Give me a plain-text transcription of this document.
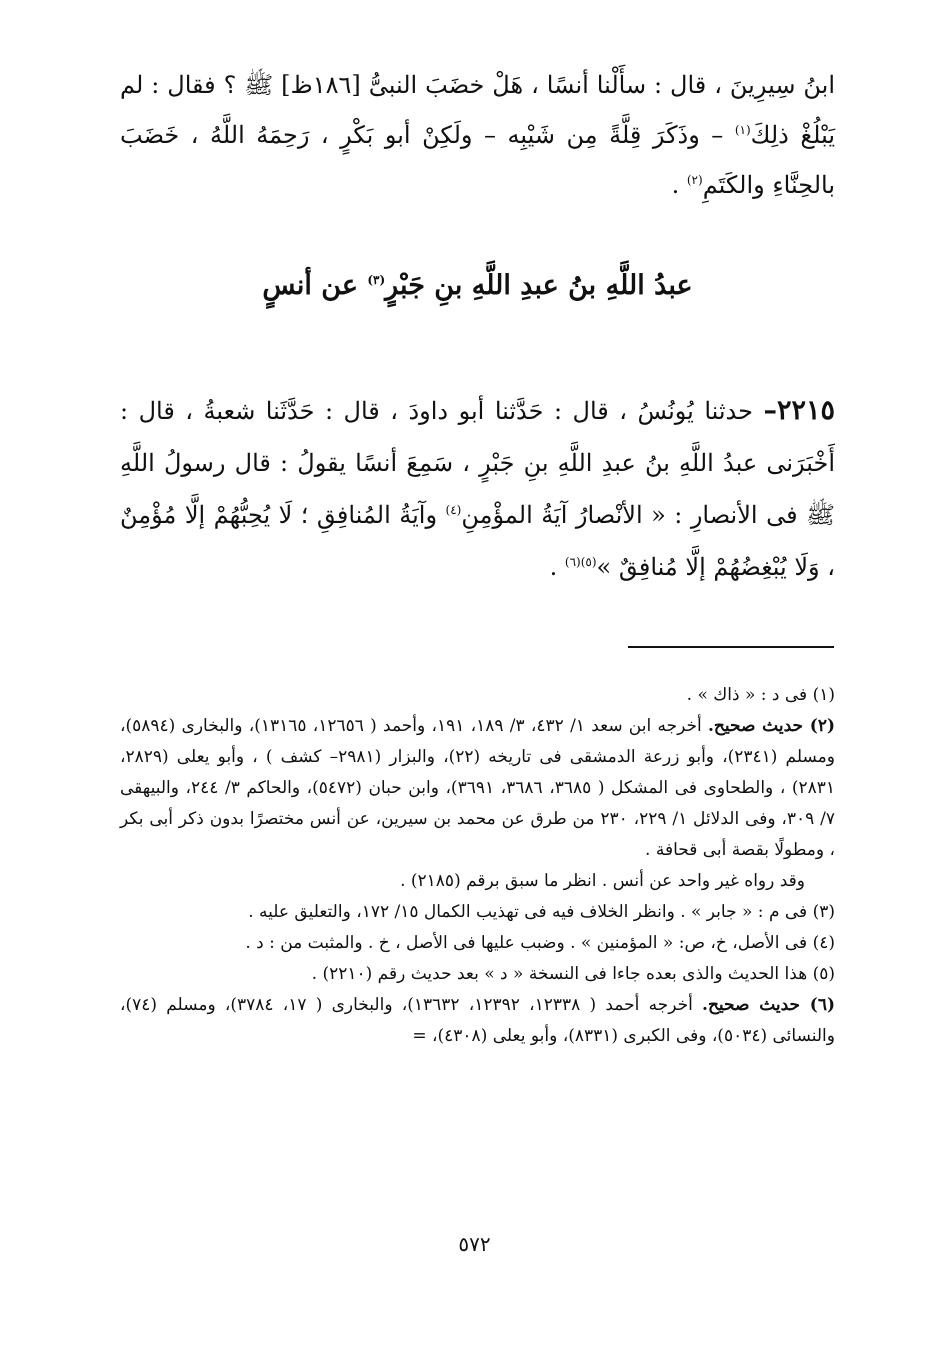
ابنُ سِيرِينَ ، قال : سأَلْنا أنسًا ، هَلْ خضَبَ النبىُّ [١٨٦ظ] ﷺ ؟ فقال : لم يَبْلُغْ ذلِكَ$^{(١)}$ – وذَكَرَ قِلَّةً مِن شَيْبِه – ولَكِنْ أبو بَكْرٍ ، رَحِمَهُ اللَّهُ ، خَضَبَ بالحِنَّاءِ والكَتَمِ$^{(٢)}$ .

عبدُ اللَّهِ بنُ عبدِ اللَّهِ بنِ جَبْرٍ$^{(٣)}$ عن أنسٍ

٢٢١٥– حدثنا يُونُسُ ، قال : حَدَّثنا أبو داودَ ، قال : حَدَّثَنا شعبةُ ، قال : أَخْبَرَنى عبدُ اللَّهِ بنُ عبدِ اللَّهِ بنِ جَبْرٍ ، سَمِعَ أنسًا يقولُ : قال رسولُ اللَّهِ ﷺ فى الأنصارِ : « الأنْصارُ آيَةُ المؤْمِنِ$^{(٤)}$ وآيَةُ المُنافِقِ ؛ لَا يُحِبُّهُمْ إلَّا مُؤْمِنٌ ، وَلَا يُبْغِضُهُمْ إلَّا مُنافِقٌ »$^{(٥)(٦)}$ .

(١) فى د : « ذاك » .

(٢) حديث صحيح. أخرجه ابن سعد ١/ ٤٣٢، ٣/ ١٨٩، ١٩١، وأحمد ( ١٢٦٥٦، ١٣١٦٥)، والبخارى (٥٨٩٤)، ومسلم (٢٣٤١)، وأبو زرعة الدمشقى فى تاريخه (٢٢)، والبزار (٢٩٨١– كشف ) ، وأبو يعلى (٢٨٢٩، ٢٨٣١) ، والطحاوى فى المشكل ( ٣٦٨٥، ٣٦٨٦، ٣٦٩١)، وابن حبان (٥٤٧٢)، والحاكم ٣/ ٢٤٤، والبيهقى ٧/ ٣٠٩، وفى الدلائل ١/ ٢٢٩، ٢٣٠ من طرق عن محمد بن سيرين، عن أنس مختصرًا بدون ذكر أبى بكر ، ومطولًا بقصة أبى قحافة .

وقد رواه غير واحد عن أنس . انظر ما سبق برقم (٢١٨٥) .

(٣) فى م : « جابر » . وانظر الخلاف فيه فى تهذيب الكمال ١٥/ ١٧٢، والتعليق عليه .

(٤) فى الأصل، خ، ص: « المؤمنين » . وضبب عليها فى الأصل ، خ . والمثبت من : د .

(٥) هذا الحديث والذى بعده جاءا فى النسخة « د » بعد حديث رقم (٢٢١٠) .

(٦) حديث صحيح. أخرجه أحمد ( ١٢٣٣٨، ١٢٣٩٢، ١٣٦٣٢)، والبخارى ( ١٧، ٣٧٨٤)، ومسلم (٧٤)، والنسائى (٥٠٣٤)، وفى الكبرى (٨٣٣١)، وأبو يعلى (٤٣٠٨)، =

٥٧٢
